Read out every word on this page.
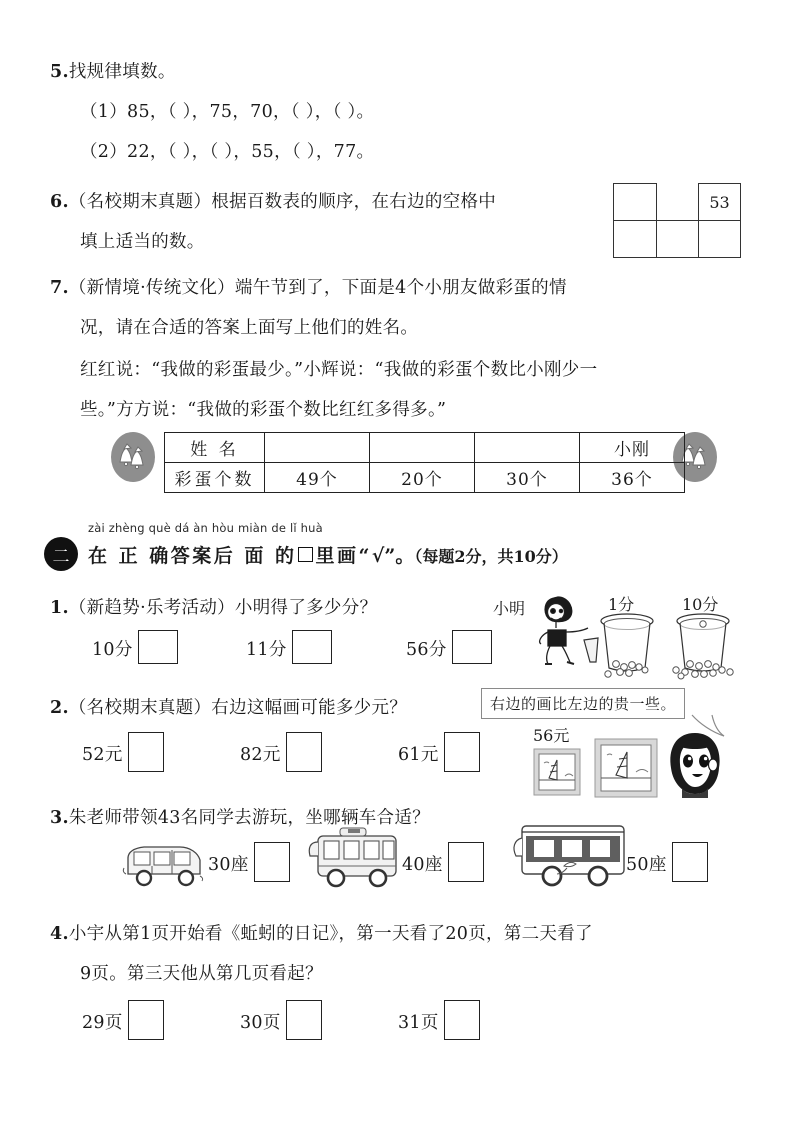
5.找规律填数。
（1）85，（ ），75，70，（ ），（ ）。
（2）22，（ ），（ ），55，（ ），77。
6.（名校期末真题）根据百数表的顺序，在右边的空格中
填上适当的数。
53
7.（新情境·传统文化）端午节到了，下面是4个小朋友做彩蛋的情
况，请在合适的答案上面写上他们的姓名。
红红说：“我做的彩蛋最少。”小辉说：“我做的彩蛋个数比小刚少一
些。”方方说：“我做的彩蛋个数比红红多得多。”
姓 名				小刚
彩蛋个数	49个	20个	30个	36个
二
zài zhèng què dá àn hòu miàn de lǐ huà
在 正 确答案后 面 的 里画“√”。（每题2分，共10分）
1.（新趋势·乐考活动）小明得了多少分？	小明	1分	10分
10分	11分	56分
2.（名校期末真题）右边这幅画可能多少元？	右边的画比左边的贵一些。
56元
52元	82元	61元
3.朱老师带领43名同学去游玩，坐哪辆车合适？
30座	40座	50座
4.小宇从第1页开始看《蚯蚓的日记》，第一天看了20页，第二天看了
9页。第三天他从第几页看起？
29页	30页	31页
